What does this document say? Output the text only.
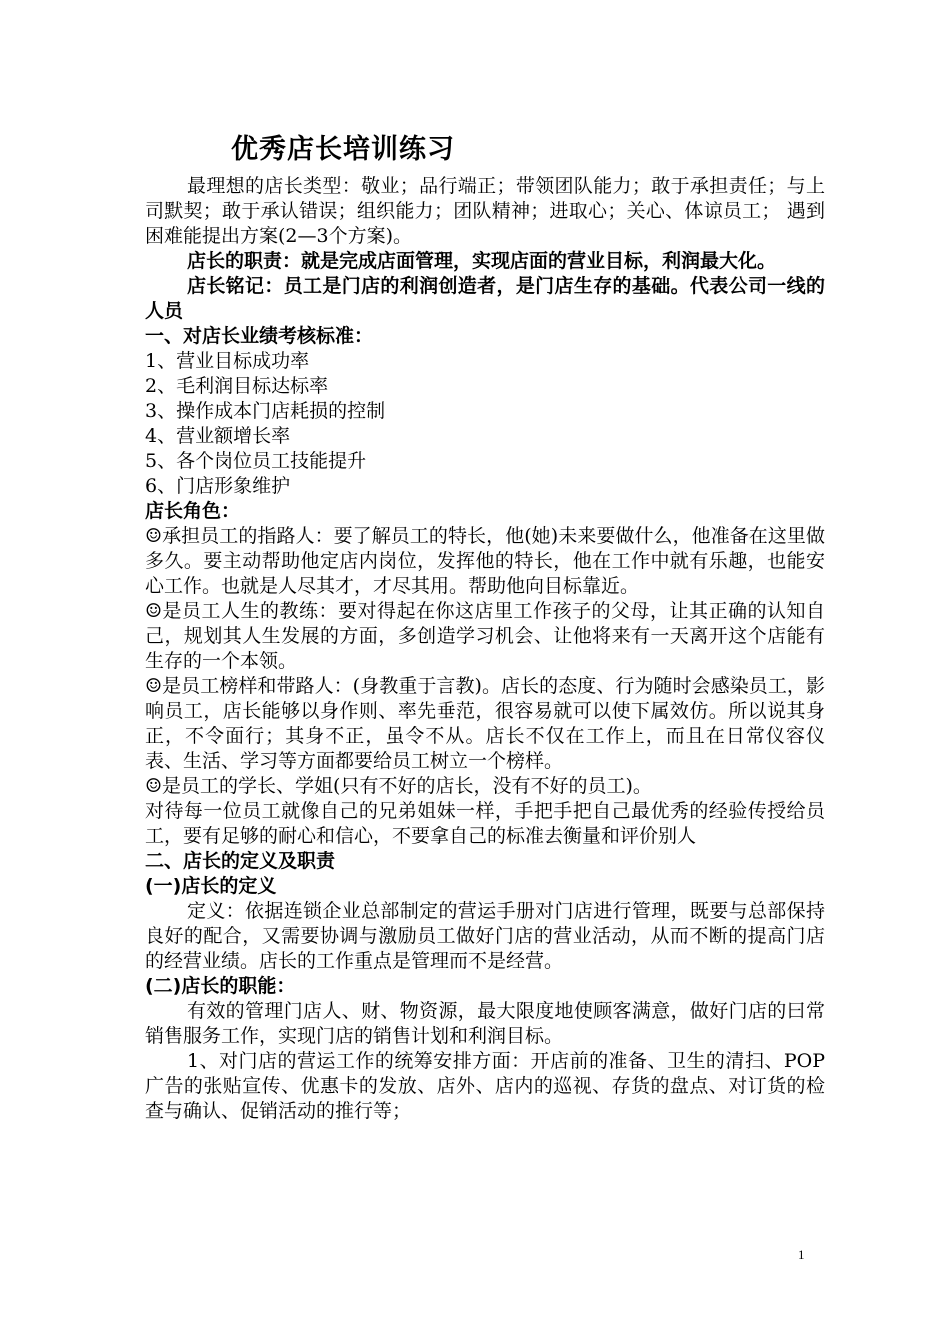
优秀店长培训练习

最理想的店长类型：敬业；品行端正；带领团队能力；敢于承担责任；与上司默契；敢于承认错误；组织能力；团队精神；进取心；关心、体谅员工； 遇到困难能提出方案(2—3个方案)。

店长的职责：就是完成店面管理，实现店面的营业目标，利润最大化。

店长铭记：员工是门店的利润创造者，是门店生存的基础。代表公司一线的人员

一、对店长业绩考核标准：

1、营业目标成功率

2、毛利润目标达标率

3、操作成本门店耗损的控制

4、营业额增长率

5、各个岗位员工技能提升

6、门店形象维护

店长角色：

☺承担员工的指路人：要了解员工的特长，他(她)未来要做什么，他准备在这里做多久。要主动帮助他定店内岗位，发挥他的特长，他在工作中就有乐趣，也能安心工作。也就是人尽其才，才尽其用。帮助他向目标靠近。

☺是员工人生的教练：要对得起在你这店里工作孩子的父母，让其正确的认知自己，规划其人生发展的方面，多创造学习机会、让他将来有一天离开这个店能有生存的一个本领。

☺是员工榜样和带路人：(身教重于言教)。店长的态度、行为随时会感染员工，影响员工，店长能够以身作则、率先垂范，很容易就可以使下属效仿。所以说其身正，不令面行；其身不正，虽令不从。店长不仅在工作上，而且在日常仪容仪表、生活、学习等方面都要给员工树立一个榜样。

☺是员工的学长、学姐(只有不好的店长，没有不好的员工)。

对待每一位员工就像自己的兄弟姐妹一样，手把手把自己最优秀的经验传授给员工，要有足够的耐心和信心，不要拿自己的标准去衡量和评价别人

二、店长的定义及职责

(一)店长的定义

定义：依据连锁企业总部制定的营运手册对门店进行管理，既要与总部保持良好的配合，又需要协调与激励员工做好门店的营业活动，从而不断的提高门店的经营业绩。店长的工作重点是管理而不是经营。

(二)店长的职能：

有效的管理门店人、财、物资源，最大限度地使顾客满意，做好门店的曰常销售服务工作，实现门店的销售计划和利润目标。

1、对门店的营运工作的统筹安排方面：开店前的准备、卫生的清扫、POP广告的张贴宣传、优惠卡的发放、店外、店内的巡视、存货的盘点、对订货的检查与确认、促销活动的推行等；

1
